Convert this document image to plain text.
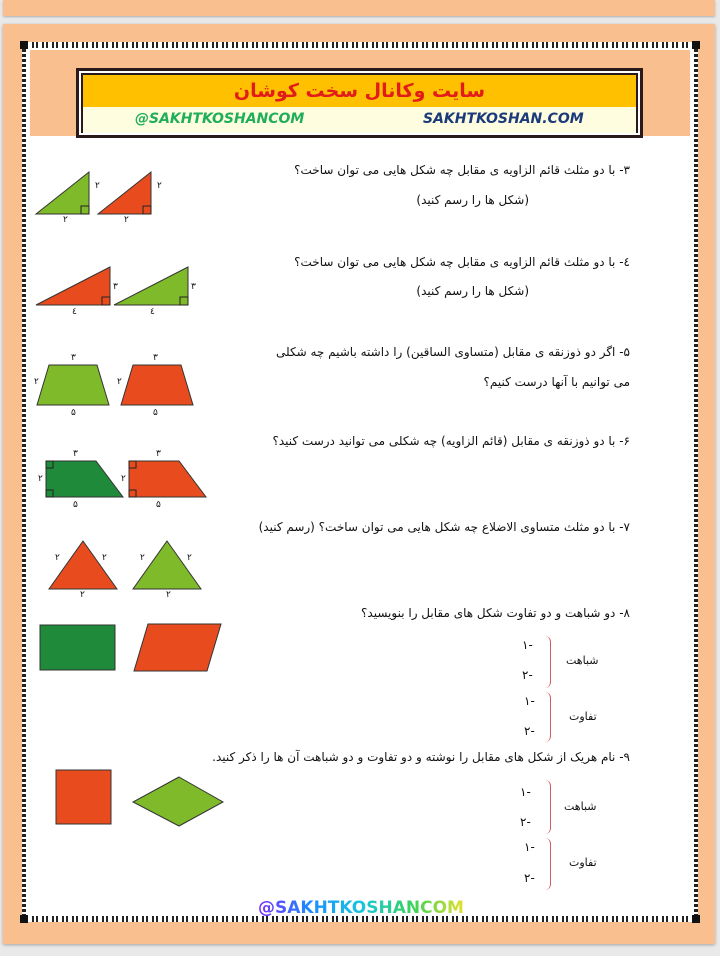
سایت وکانال سخت کوشان
@SAKHTKOSHANCOM	SAKHTKOSHAN.COM
۳- با دو مثلث قائم الزاویه ی مقابل چه شکل هایی می توان ساخت؟
(شکل ها را رسم کنید)
۲	۲
۲	۲
٤- با دو مثلث قائم الزاویه ی مقابل چه شکل هایی می توان ساخت؟
(شکل ها را رسم کنید)
۳	۳
٤	٤
۵- اگر دو ذوزنقه ی مقابل (متساوی الساقین) را داشته باشیم چه شکلی
می توانیم با آنها درست کنیم؟
۳	۳
۲	۲
۵	۵
۶- با دو ذوزنقه ی مقابل (قائم الزاویه) چه شکلی می توانید درست کنید؟
۳	۳
۲	۲
۵	۵
۷- با دو مثلث متساوی الاضلاع چه شکل هایی می توان ساخت؟ (رسم کنید)
۲	۲
۲
۲	۲
۲
۸- دو شباهت و دو تفاوت شکل های مقابل را بنویسید؟
شباهت
-۱
-۲
تفاوت
-۱
-۲
۹- نام هریک از شکل های مقابل را نوشته و دو تفاوت و دو شباهت آن ها را ذکر کنید.
شباهت
-۱
-۲
تفاوت
-۱
-۲
@SAKHTKOSHANCOM
